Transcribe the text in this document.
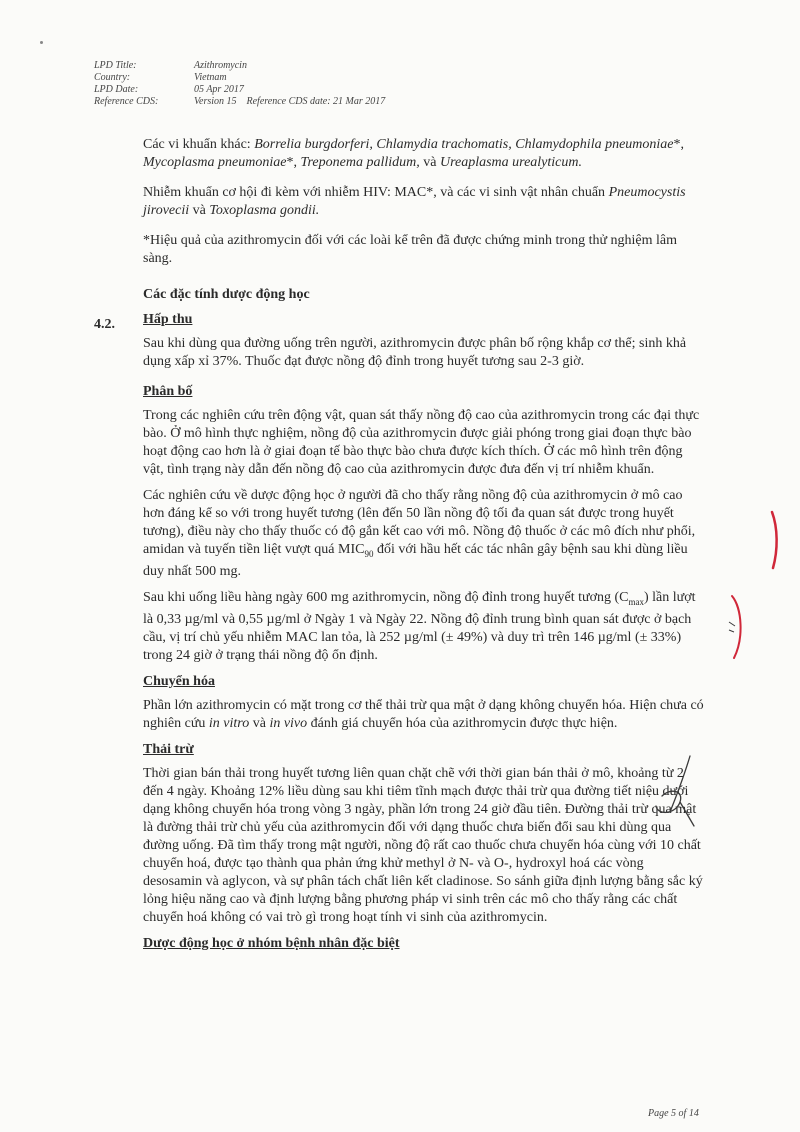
LPD Title:	Azithromycin
Country:	Vietnam
LPD Date:	05 Apr 2017
Reference CDS:	Version 15 Reference CDS date: 21 Mar 2017
4.2.

Các vi khuẩn khác: Borrelia burgdorferi, Chlamydia trachomatis, Chlamydophila pneumoniae*, Mycoplasma pneumoniae*, Treponema pallidum, và Ureaplasma urealyticum.

Nhiễm khuẩn cơ hội đi kèm với nhiễm HIV: MAC*, và các vi sinh vật nhân chuẩn Pneumocystis jirovecii và Toxoplasma gondii.

*Hiệu quả của azithromycin đối với các loài kể trên đã được chứng minh trong thử nghiệm lâm sàng.

Các đặc tính dược động học
Hấp thu

Sau khi dùng qua đường uống trên người, azithromycin được phân bố rộng khắp cơ thể; sinh khả dụng xấp xỉ 37%. Thuốc đạt được nồng độ đỉnh trong huyết tương sau 2-3 giờ.

Phân bố

Trong các nghiên cứu trên động vật, quan sát thấy nồng độ cao của azithromycin trong các đại thực bào. Ở mô hình thực nghiệm, nồng độ của azithromycin được giải phóng trong giai đoạn thực bào hoạt động cao hơn là ở giai đoạn tế bào thực bào chưa được kích thích. Ở các mô hình trên động vật, tình trạng này dẫn đến nồng độ cao của azithromycin được đưa đến vị trí nhiễm khuẩn.

Các nghiên cứu về dược động học ở người đã cho thấy rằng nồng độ của azithromycin ở mô cao hơn đáng kể so với trong huyết tương (lên đến 50 lần nồng độ tối đa quan sát được trong huyết tương), điều này cho thấy thuốc có độ gắn kết cao với mô. Nồng độ thuốc ở các mô đích như phổi, amidan và tuyến tiền liệt vượt quá $MIC_{90}$ đối với hầu hết các tác nhân gây bệnh sau khi dùng liều duy nhất 500 mg.

Sau khi uống liều hàng ngày 600 mg azithromycin, nồng độ đỉnh trong huyết tương $(C_{max})$ lần lượt là 0,33 µg/ml và 0,55 µg/ml ở Ngày 1 và Ngày 22. Nồng độ đỉnh trung bình quan sát được ở bạch cầu, vị trí chủ yếu nhiễm MAC lan tỏa, là 252 µg/ml (± 49%) và duy trì trên 146 µg/ml (± 33%) trong 24 giờ ở trạng thái nồng độ ổn định.

Chuyển hóa

Phần lớn azithromycin có mặt trong cơ thể thải trừ qua mật ở dạng không chuyển hóa. Hiện chưa có nghiên cứu in vitro và in vivo đánh giá chuyển hóa của azithromycin được thực hiện.

Thải trừ

Thời gian bán thải trong huyết tương liên quan chặt chẽ với thời gian bán thải ở mô, khoảng từ 2 đến 4 ngày. Khoảng 12% liều dùng sau khi tiêm tĩnh mạch được thải trừ qua đường tiết niệu dưới dạng không chuyển hóa trong vòng 3 ngày, phần lớn trong 24 giờ đầu tiên. Đường thải trừ qua mật là đường thải trừ chủ yếu của azithromycin đối với dạng thuốc chưa biến đổi sau khi dùng qua đường uống. Đã tìm thấy trong mật người, nồng độ rất cao thuốc chưa chuyển hóa cùng với 10 chất chuyển hoá, được tạo thành qua phản ứng khử methyl ở N- và O-, hydroxyl hoá các vòng desosamin và aglycon, và sự phân tách chất liên kết cladinose. So sánh giữa định lượng bằng sắc ký lỏng hiệu năng cao và định lượng bằng phương pháp vi sinh trên các mô cho thấy rằng các chất chuyển hoá không có vai trò gì trong hoạt tính vi sinh của azithromycin.

Dược động học ở nhóm bệnh nhân đặc biệt
Page 5 of 14
